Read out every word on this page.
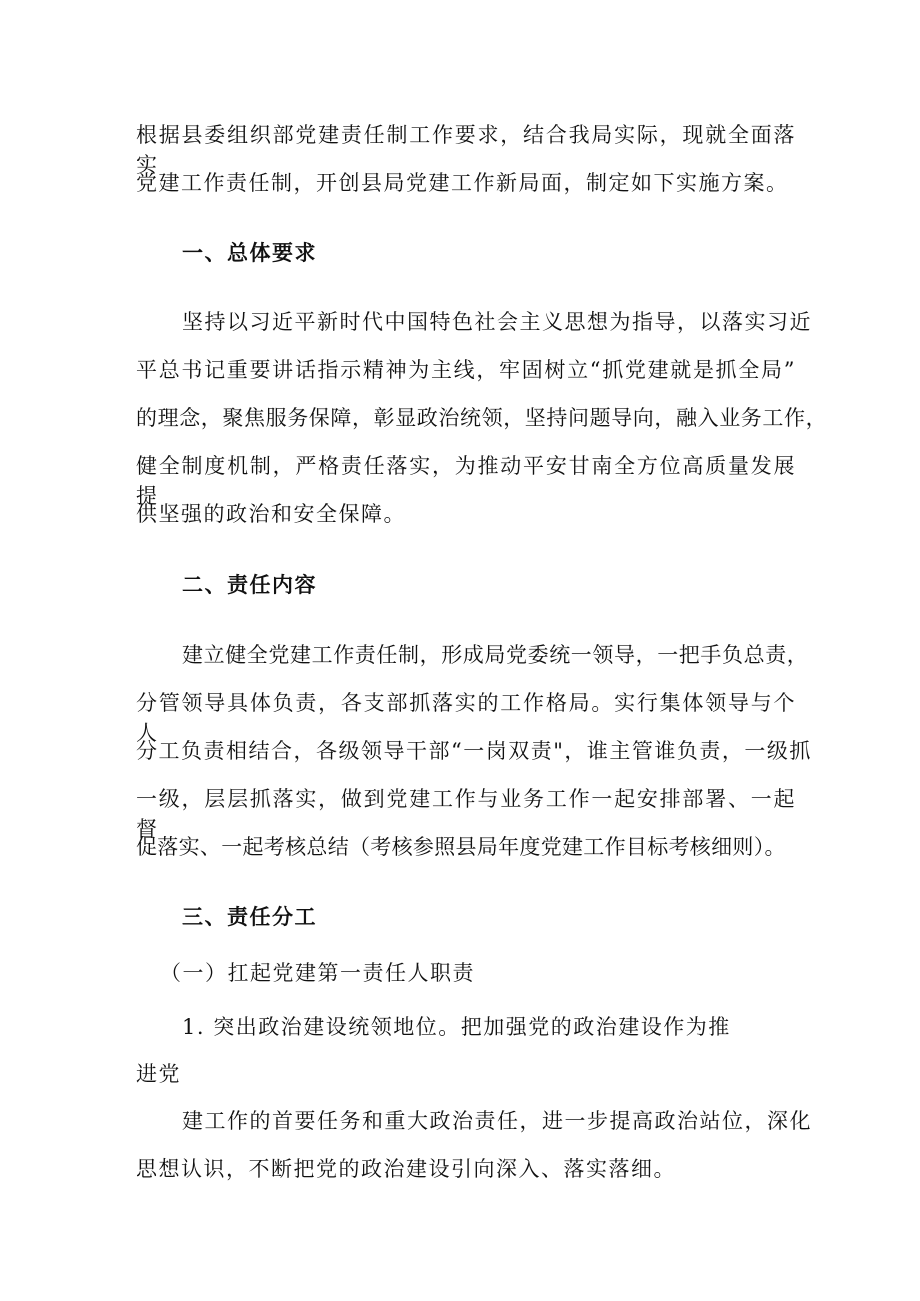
根据县委组织部党建责任制工作要求，结合我局实际，现就全面落实
党建工作责任制，开创县局党建工作新局面，制定如下实施方案。
一、总体要求
坚持以习近平新时代中国特色社会主义思想为指导，以落实习近
平总书记重要讲话指示精神为主线，牢固树立“抓党建就是抓全局”
的理念，聚焦服务保障，彰显政治统领，坚持问题导向，融入业务工作，
健全制度机制，严格责任落实，为推动平安甘南全方位高质量发展提
供坚强的政治和安全保障。
二、责任内容
建立健全党建工作责任制，形成局党委统一领导，一把手负总责，
分管领导具体负责，各支部抓落实的工作格局。实行集体领导与个人
分工负责相结合，各级领导干部“一岗双责"，谁主管谁负责，一级抓
一级，层层抓落实，做到党建工作与业务工作一起安排部署、一起督
促落实、一起考核总结（考核参照县局年度党建工作目标考核细则）。
三、责任分工
（一）扛起党建第一责任人职责
1. 突出政治建设统领地位。把加强党的政治建设作为推
进党
建工作的首要任务和重大政治责任，进一步提高政治站位，深化
思想认识，不断把党的政治建设引向深入、落实落细。
